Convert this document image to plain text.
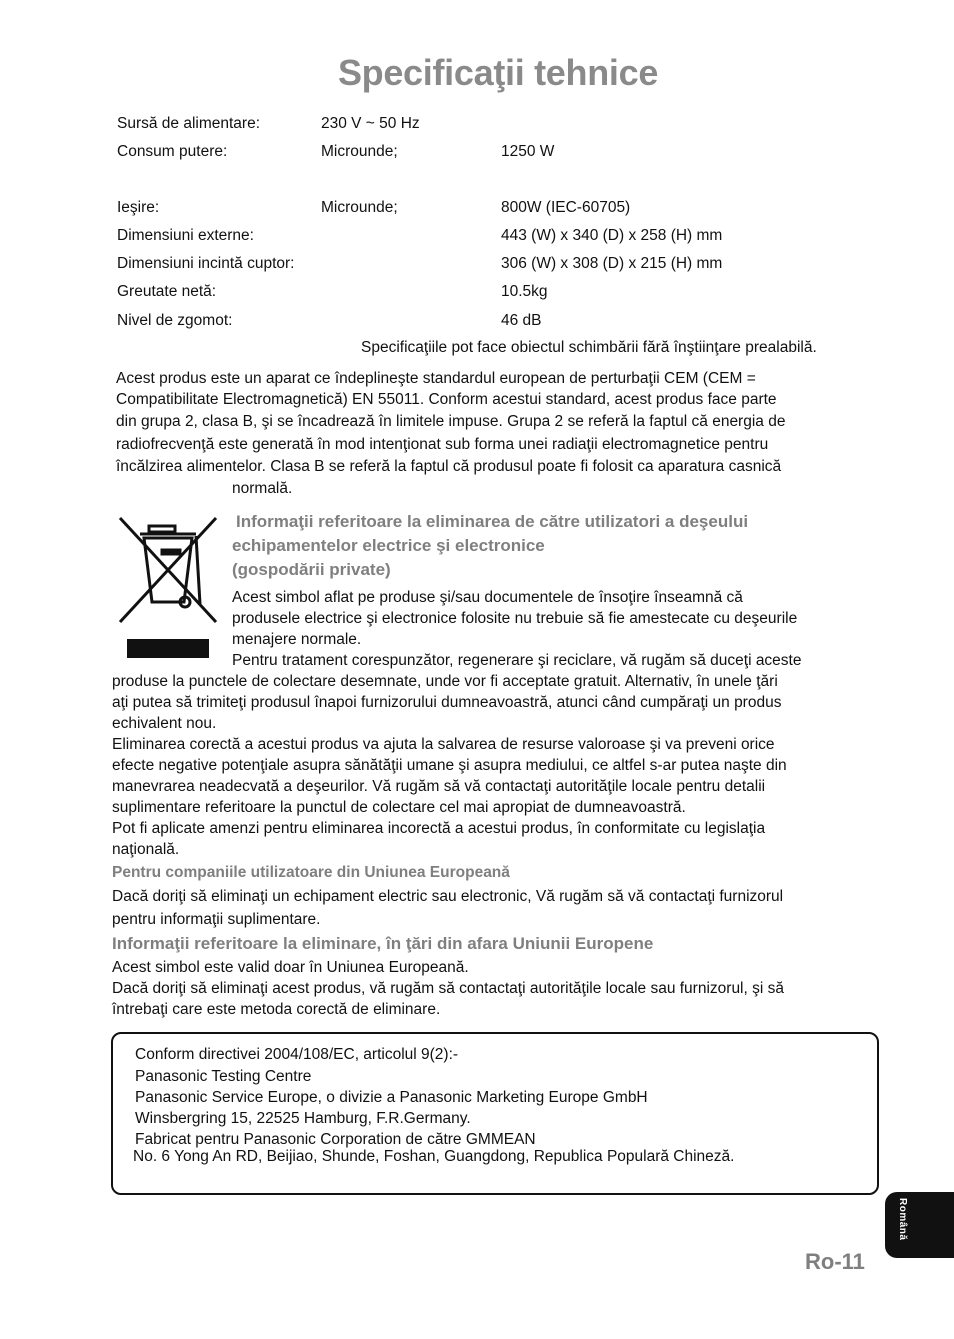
Specificaţii tehnice
Sursă de alimentare:	230 V ~ 50 Hz
Consum putere:	Microunde;	1250 W
Ieşire:	Microunde;	800W (IEC-60705)
Dimensiuni externe:	443 (W) x 340 (D) x 258 (H) mm
Dimensiuni incintă cuptor:	306 (W) x 308 (D) x 215 (H) mm
Greutate netă:	10.5kg
Nivel de zgomot:	46 dB
Specificaţiile pot face obiectul schimbării fără înştiinţare prealabilă.
Acest produs este un aparat ce îndeplineşte standardul european de perturbaţii CEM (CEM =
Compatibilitate Electromagnetică) EN 55011. Conform acestui standard, acest produs face parte
din grupa 2, clasa B, şi se încadrează în limitele impuse. Grupa 2 se referă la faptul că energia de
radiofrecvenţă este generată în mod intenţionat sub forma unei radiaţii electromagnetice pentru
încălzirea alimentelor. Clasa B se referă la faptul că produsul poate fi folosit ca aparatura casnică
normală.
Informaţii referitoare la eliminarea de către utilizatori a deşeului
echipamentelor electrice şi electronice
(gospodării private)
Acest simbol aflat pe produse şi/sau documentele de însoţire înseamnă că
produsele electrice şi electronice folosite nu trebuie să fie amestecate cu deşeurile
menajere normale.
Pentru tratament corespunzător, regenerare şi reciclare, vă rugăm să duceţi aceste
produse la punctele de colectare desemnate, unde vor fi acceptate gratuit. Alternativ, în unele ţări
aţi putea să trimiteţi produsul înapoi furnizorului dumneavoastră, atunci când cumpăraţi un produs
echivalent nou.
Eliminarea corectă a acestui produs va ajuta la salvarea de resurse valoroase şi va preveni orice
efecte negative potenţiale asupra sănătăţii umane şi asupra mediului, ce altfel s-ar putea naşte din
manevrarea neadecvată a deşeurilor. Vă rugăm să vă contactaţi autorităţile locale pentru detalii
suplimentare referitoare la punctul de colectare cel mai apropiat de dumneavoastră.
Pot fi aplicate amenzi pentru eliminarea incorectă a acestui produs, în conformitate cu legislaţia
naţională.
Pentru companiile utilizatoare din Uniunea Europeană
Dacă doriţi să eliminaţi un echipament electric sau electronic, Vă rugăm să vă contactaţi furnizorul
pentru informaţii suplimentare.
Informaţii referitoare la eliminare, în ţări din afara Uniunii Europene
Acest simbol este valid doar în Uniunea Europeană.
Dacă doriţi să eliminaţi acest produs, vă rugăm să contactaţi autorităţile locale sau furnizorul, şi să
întrebaţi care este metoda corectă de eliminare.
Conform directivei 2004/108/EC, articolul 9(2):-
Panasonic Testing Centre
Panasonic Service Europe, o divizie a Panasonic Marketing Europe GmbH
Winsbergring 15, 22525 Hamburg, F.R.Germany.
Fabricat pentru Panasonic Corporation de către GMMEAN
No. 6 Yong An RD, Beijiao, Shunde, Foshan, Guangdong, Republica Populară Chineză.
Română
Ro-11
